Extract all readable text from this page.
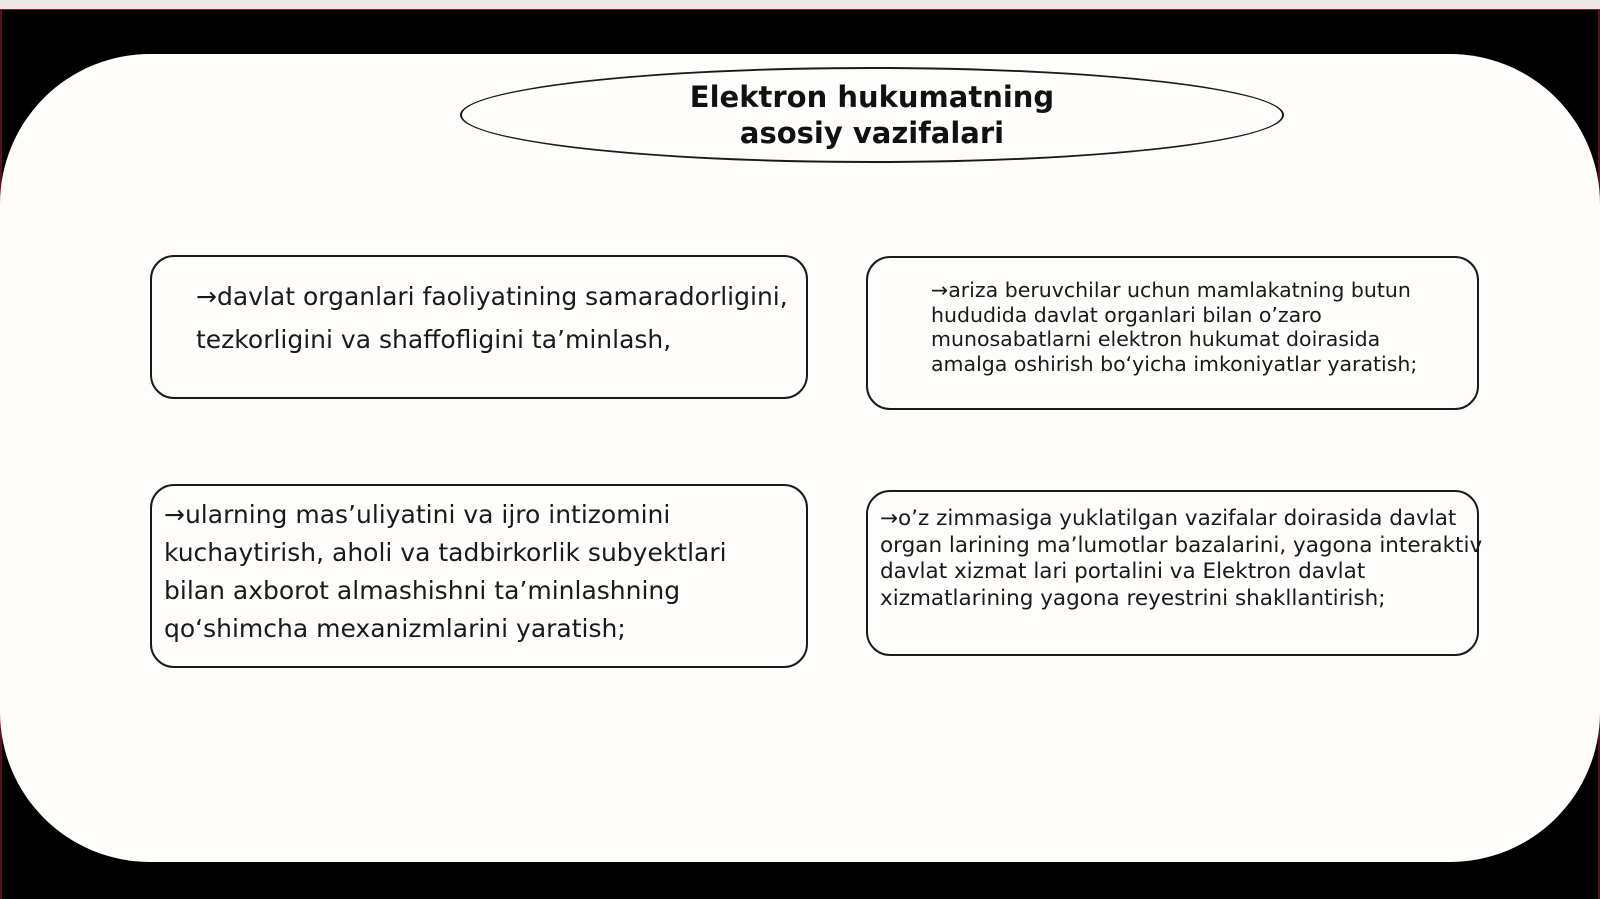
Elektron hukumatning asosiy vazifalari
→davlat organlari faoliyatining samaradorligini,
tezkorligini va shaffofligini ta’minlash,
→ariza beruvchilar uchun mamlakatning butun
hududida davlat organlari bilan o’zaro
munosabatlarni elektron hukumat doirasida
amalga oshirish bo‘yicha imkoniyatlar yaratish;
→ularning mas’uliyatini va ijro intizomini
kuchaytirish, aholi va tadbirkorlik subyektlari
bilan axborot almashishni ta’minlashning
qo‘shimcha mexanizmlarini yaratish;
→o’z zimmasiga yuklatilgan vazifalar doirasida davlat
organ larining ma’lumotlar bazalarini, yagona interaktiv
davlat xizmat lari portalini va Elektron davlat
xizmatlarining yagona reyestrini shakllantirish;
